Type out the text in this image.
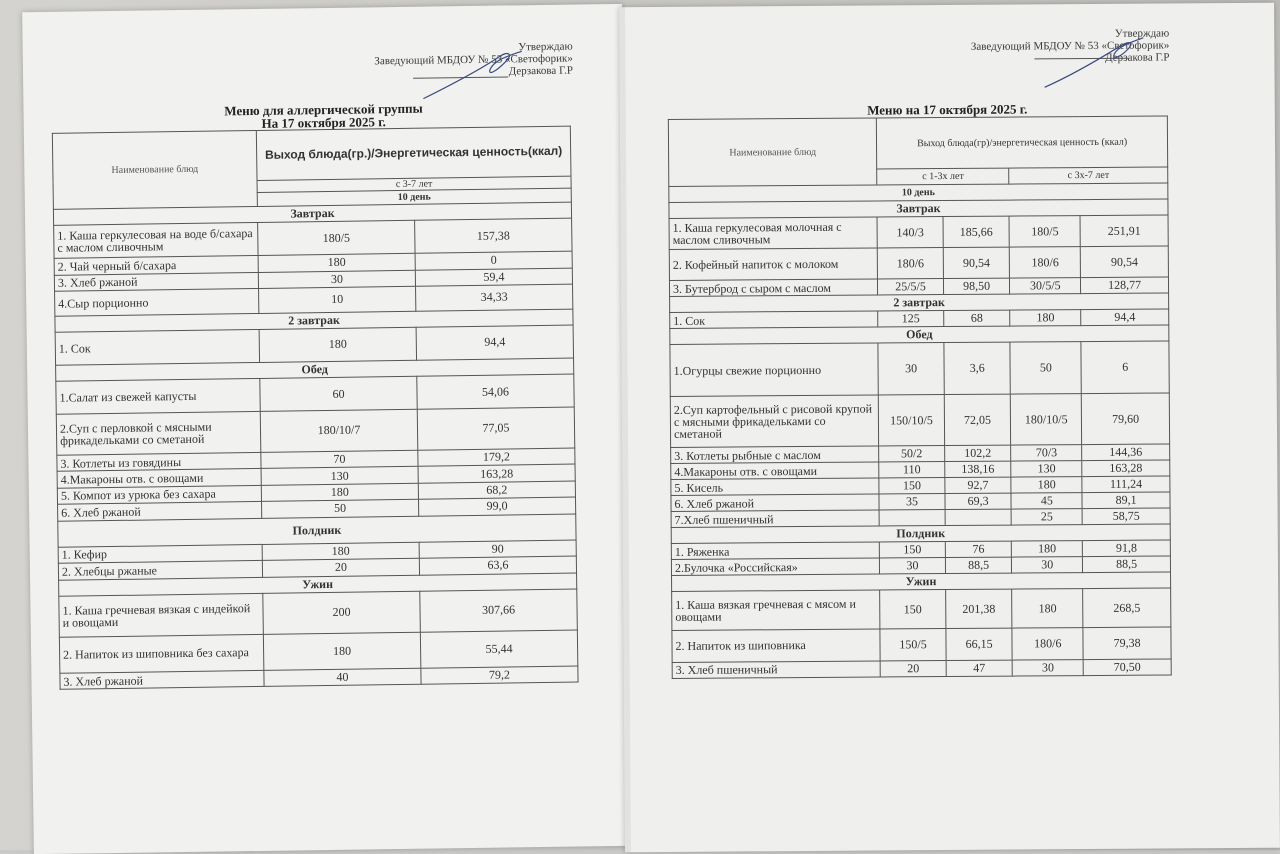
Утверждаю
Заведующий МБДОУ № 53 «Светофорик»
Дерзакова Г.Р
Меню для аллергической группы
На 17 октября 2025 г.
Наименование блюд	Выход блюда(гр.)/Энергетическая ценность(ккал)	
	с 3-7 лет	
	10 день	
Завтрак		
1. Каша геркулесовая на воде б/сахара с маслом сливочным	180/5	157,38
2. Чай черный б/сахара	180	0
3. Хлеб ржаной	30	59,4
4.Сыр порционно	10	34,33
2 завтрак		
1. Сок	180	94,4
Обед		
1.Салат из свежей капусты	60	54,06
2.Суп с перловкой с мясными фрикадельками со сметаной	180/10/7	77,05
3. Котлеты из говядины	70	179,2
4.Макароны отв. с овощами	130	163,28
5. Компот из урюка без сахара	180	68,2
6. Хлеб ржаной	50	99,0
Полдник		
1. Кефир	180	90
2. Хлебцы ржаные	20	63,6
Ужин		
1. Каша гречневая вязкая с индейкой и овощами	200	307,66
2. Напиток из шиповника без сахара	180	55,44
3. Хлеб ржаной	40	79,2
Утверждаю
Заведующий МБДОУ № 53 «Светофорик»
Дерзакова Г.Р
Меню на 17 октября 2025 г.
Наименование блюд	Выход блюда(гр)/энергетическая ценность (ккал)			
	с 1-3х лет		с 3х-7 лет	
10 день				
Завтрак				
1. Каша геркулесовая молочная с маслом сливочным	140/3	185,66	180/5	251,91
2. Кофейный напиток с молоком	180/6	90,54	180/6	90,54
3. Бутерброд с сыром с маслом	25/5/5	98,50	30/5/5	128,77
2 завтрак				
1. Сок	125	68	180	94,4
Обед				
1.Огурцы свежие порционно	30	3,6	50	6
2.Суп картофельный с рисовой крупой с мясными фрикадельками со сметаной	150/10/5	72,05	180/10/5	79,60
3. Котлеты рыбные с маслом	50/2	102,2	70/3	144,36
4.Макароны отв. с овощами	110	138,16	130	163,28
5. Кисель	150	92,7	180	111,24
6. Хлеб ржаной	35	69,3	45	89,1
7.Хлеб пшеничный			25	58,75
Полдник				
1. Ряженка	150	76	180	91,8
2.Булочка «Российская»	30	88,5	30	88,5
Ужин				
1. Каша вязкая гречневая с мясом и овощами	150	201,38	180	268,5
2. Напиток из шиповника	150/5	66,15	180/6	79,38
3. Хлеб пшеничный	20	47	30	70,50
